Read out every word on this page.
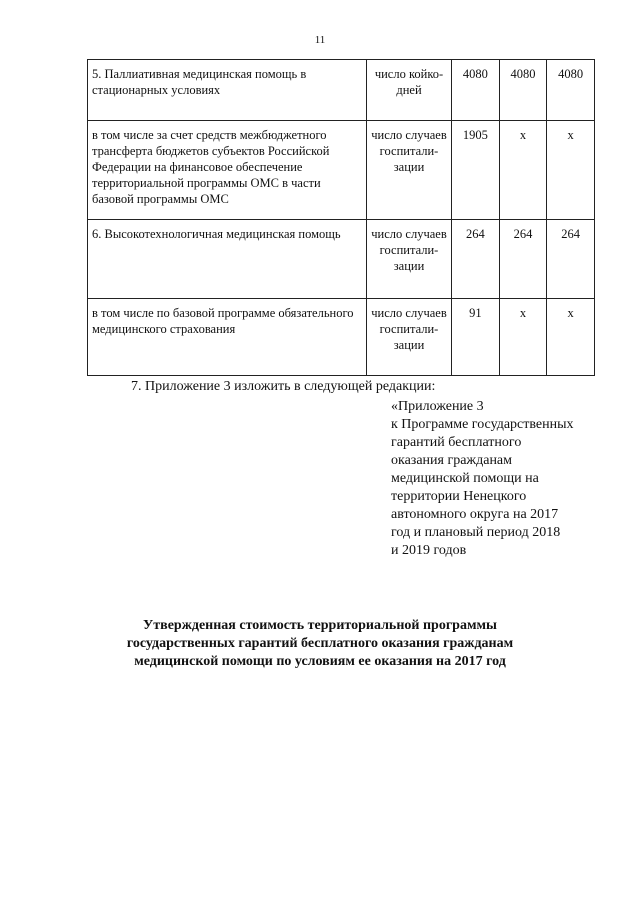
11
5. Паллиативная медицинская помощь в стационарных условиях	число койко-дней	4080	4080	4080
в том числе за счет средств межбюджетного трансферта бюджетов субъектов Российской Федерации на финансовое обеспечение территориальной программы ОМС в части базовой программы ОМС	число случаев госпитали-зации	1905	х	х
6. Высокотехнологичная медицинская помощь	число случаев госпитали-зации	264	264	264
в том числе по базовой программе обязательного медицинского страхования	число случаев госпитали-зации	91	х	х
7. Приложение 3 изложить в следующей редакции:
«Приложение 3
к Программе государственных
гарантий бесплатного
оказания гражданам
медицинской помощи на
территории Ненецкого
автономного округа на 2017
год и плановый период 2018
и 2019 годов
Утвержденная стоимость территориальной программы
государственных гарантий бесплатного оказания гражданам
медицинской помощи по условиям ее оказания на 2017 год
